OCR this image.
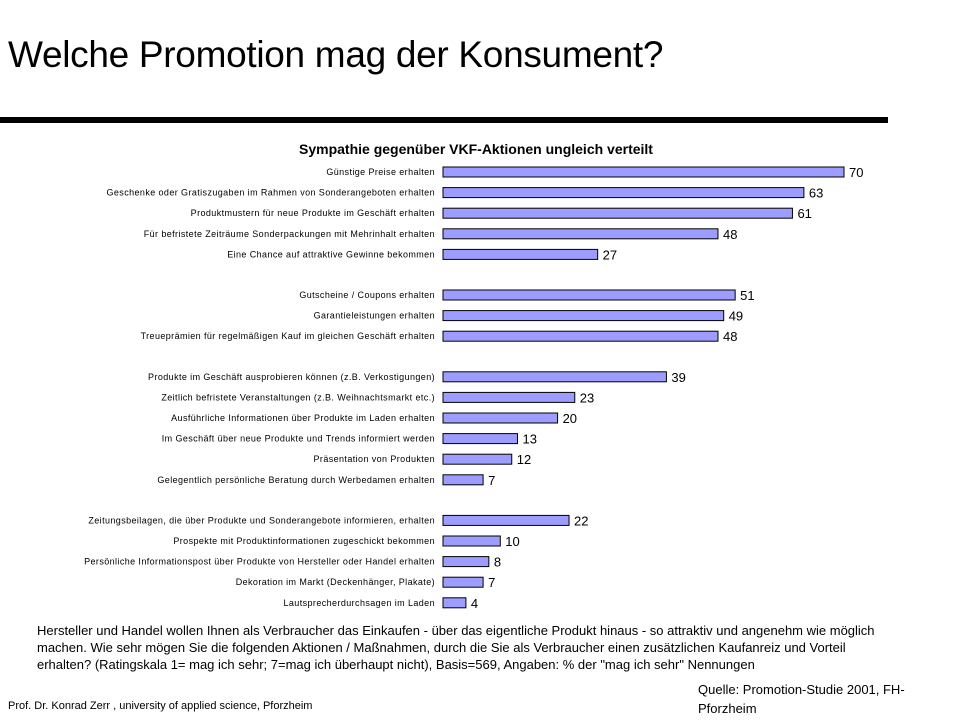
Welche Promotion mag der Konsument?
Sympathie gegenüber VKF-Aktionen ungleich verteilt
Günstige Preise erhalten	70
Geschenke oder Gratiszugaben im Rahmen von Sonderangeboten erhalten	63
Produktmustern für neue Produkte im Geschäft erhalten	61
Für befristete Zeiträume Sonderpackungen mit Mehrinhalt erhalten	48
Eine Chance auf attraktive Gewinne bekommen	27
Gutscheine / Coupons erhalten	51
Garantieleistungen erhalten	49
Treueprämien für regelmäßigen Kauf im gleichen Geschäft erhalten	48
Produkte im Geschäft ausprobieren können (z.B. Verkostigungen)	39
Zeitlich befristete Veranstaltungen (z.B. Weihnachtsmarkt etc.)	23
Ausführliche Informationen über Produkte im Laden erhalten	20
Im Geschäft über neue Produkte und Trends informiert werden	13
Präsentation von Produkten	12
Gelegentlich persönliche Beratung durch Werbedamen erhalten	7
Zeitungsbeilagen, die über Produkte und Sonderangebote informieren, erhalten	22
Prospekte mit Produktinformationen zugeschickt bekommen	10
Persönliche Informationspost über Produkte von Hersteller oder Handel erhalten	8
Dekoration im Markt (Deckenhänger, Plakate)	7
Lautsprecherdurchsagen im Laden	4

Hersteller und Handel wollen Ihnen als Verbraucher das Einkaufen - über das eigentliche Produkt hinaus - so attraktiv und angenehm wie möglich machen. Wie sehr mögen Sie die folgenden Aktionen / Maßnahmen, durch die Sie als Verbraucher einen zusätzlichen Kaufanreiz und Vorteil erhalten? (Ratingskala 1= mag ich sehr; 7=mag ich überhaupt nicht), Basis=569, Angaben: % der "mag ich sehr" Nennungen

Quelle: Promotion-Studie 2001, FH-Pforzheim

Prof. Dr. Konrad Zerr , university of applied science, Pforzheim
